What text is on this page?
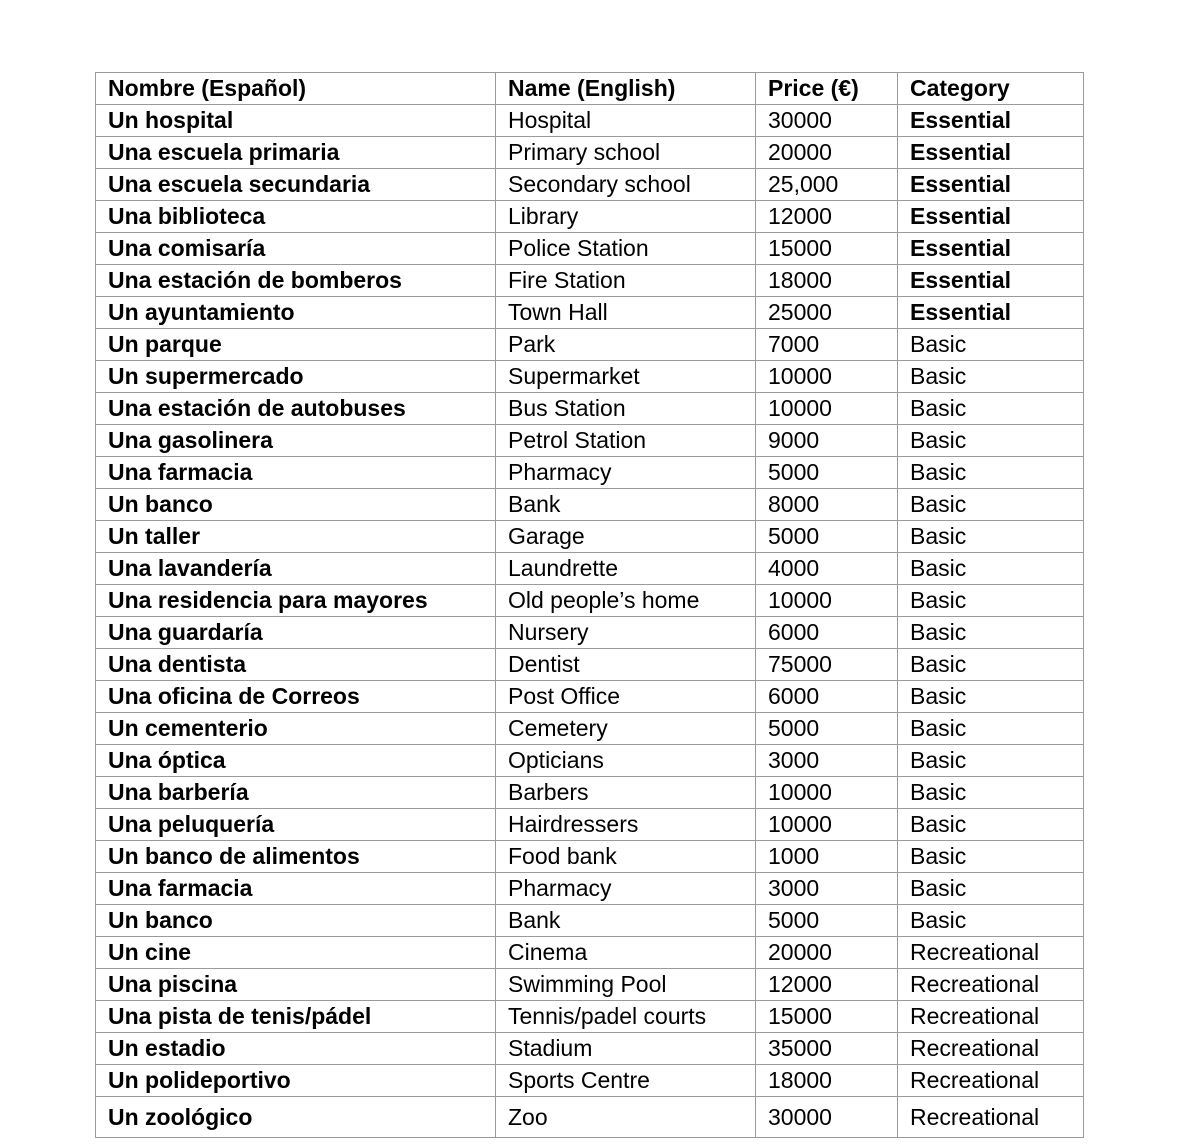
Nombre (Español)	Name (English)	Price (€)	Category
Un hospital	Hospital	30000	Essential
Una escuela primaria	Primary school	20000	Essential
Una escuela secundaria	Secondary school	25,000	Essential
Una biblioteca	Library	12000	Essential
Una comisaría	Police Station	15000	Essential
Una estación de bomberos	Fire Station	18000	Essential
Un ayuntamiento	Town Hall	25000	Essential
Un parque	Park	7000	Basic
Un supermercado	Supermarket	10000	Basic
Una estación de autobuses	Bus Station	10000	Basic
Una gasolinera	Petrol Station	9000	Basic
Una farmacia	Pharmacy	5000	Basic
Un banco	Bank	8000	Basic
Un taller	Garage	5000	Basic
Una lavandería	Laundrette	4000	Basic
Una residencia para mayores	Old people’s home	10000	Basic
Una guardaría	Nursery	6000	Basic
Una dentista	Dentist	75000	Basic
Una oficina de Correos	Post Office	6000	Basic
Un cementerio	Cemetery	5000	Basic
Una óptica	Opticians	3000	Basic
Una barbería	Barbers	10000	Basic
Una peluquería	Hairdressers	10000	Basic
Un banco de alimentos	Food bank	1000	Basic
Una farmacia	Pharmacy	3000	Basic
Un banco	Bank	5000	Basic
Un cine	Cinema	20000	Recreational
Una piscina	Swimming Pool	12000	Recreational
Una pista de tenis/pádel	Tennis/padel courts	15000	Recreational
Un estadio	Stadium	35000	Recreational
Un polideportivo	Sports Centre	18000	Recreational
Un zoológico	Zoo	30000	Recreational
